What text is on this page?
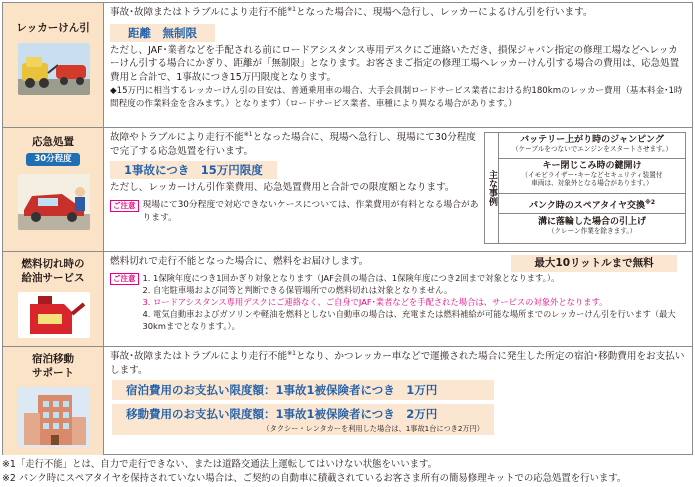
レッカーけん引
事故･故障またはトラブルにより走行不能$^{※1}$となった場合に、現場へ急行し、レッカーによるけん引を行います。
距離　無制限
ただし、JAF･業者などを手配される前にロードアシスタンス専用デスクにご連絡いただき、損保ジャパン指定の修理工場などへレッカーけん引する場合にかぎり、距離が「無制限」となります。お客さまご指定の修理工場へレッカーけん引する場合の費用は、応急処置費用と合計で、1事故につき15万円限度となります。
◆15万円に相当するレッカーけん引の目安は、普通乗用車の場合、大手会員制ロードサービス業者における約180kmのレッカー費用（基本料金･1時間程度の作業料金を含みます。）となります）（ロードサービス業者、車種により異なる場合があります。）
応急処置
30分程度
故障やトラブルにより走行不能$^{※1}$となった場合に、現場へ急行し、現場にて30分程度で完了する応急処置を行います。
1事故につき　15万円限度
ただし、レッカーけん引作業費用、応急処置費用と合計での限度額となります。
ご注意 現場にて30分程度で対応できないケースについては、作業費用が有料となる場合があります。
主な事例
バッテリー上がり時のジャンピング
（ケーブルをつないでエンジンをスタートさせます。）
キー閉じこみ時の鍵開け
（イモビライザー･キーなどセキュリティ装置付
車両は、対象外となる場合があります。）
パンク時のスペアタイヤ交換$^{※2}$
溝に落輪した場合の引上げ
（クレーン作業を除きます。）
燃料切れ時の
給油サービス
燃料切れで走行不能となった場合に、燃料をお届けします。	最大10リットルまで無料
ご注意 1. 1保険年度につき1回かぎり対象となります（JAF会員の場合は、1保険年度につき2回まで対象となります。）。
2. 自宅駐車場および同等と判断できる保管場所での燃料切れは対象となりません。
3. ロードアシスタンス専用デスクにご連絡なく、ご自身でJAF･業者などを手配された場合は、サービスの対象外となります。
4. 電気自動車およびガソリンや軽油を燃料としない自動車の場合は、充電または燃料補給が可能な場所までのレッカーけん引を行います（最大30kmまでとなります。）。
宿泊移動
サポート
事故･故障またはトラブルにより走行不能$^{※1}$となり、かつレッカー車などで運搬された場合に発生した所定の宿泊･移動費用をお支払いします。
宿泊費用のお支払い限度額：1事故1被保険者につき　1万円
移動費用のお支払い限度額：1事故1被保険者につき　2万円
（タクシー・レンタカーを利用した場合は、1事故1台につき2万円）
※1「走行不能」とは、自力で走行できない、または道路交通法上運転してはいけない状態をいいます。
※2 パンク時にスペアタイヤを保持されていない場合は、ご契約の自動車に積載されているお客さま所有の簡易修理キットでの応急処置を行います。
